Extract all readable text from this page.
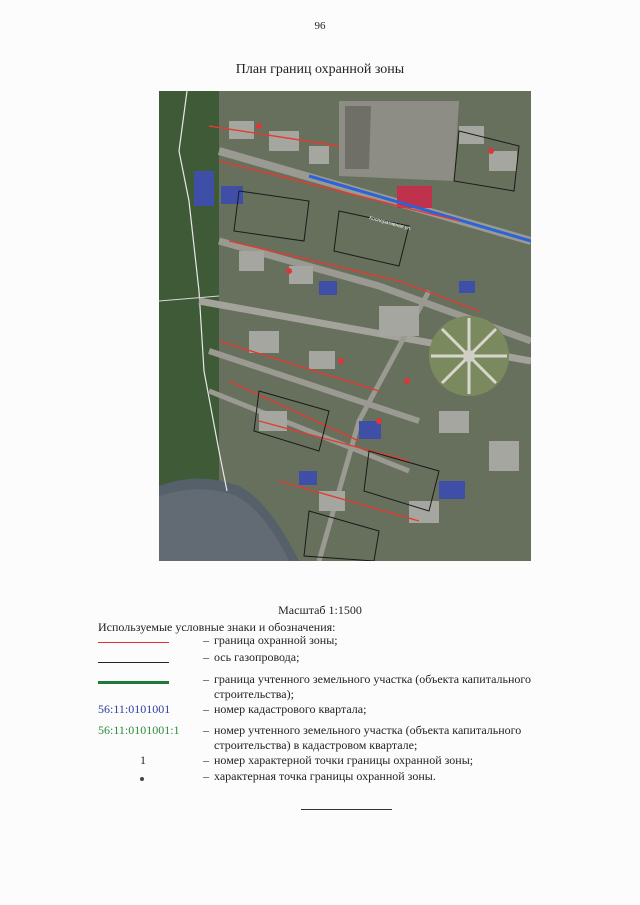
96
План границ охранной зоны
Кооперативная ул.
Масштаб 1:1500
Используемые условные знаки и обозначения:
– граница охранной зоны;
– ось газопровода;
– граница учтенного земельного участка (объекта капитального строительства);
56:11:0101001	– номер кадастрового квартала;
56:11:0101001:1	– номер учтенного земельного участка (объекта капитального строительства) в кадастровом квартале;
1	– номер характерной точки границы охранной зоны;
– характерная точка границы охранной зоны.
